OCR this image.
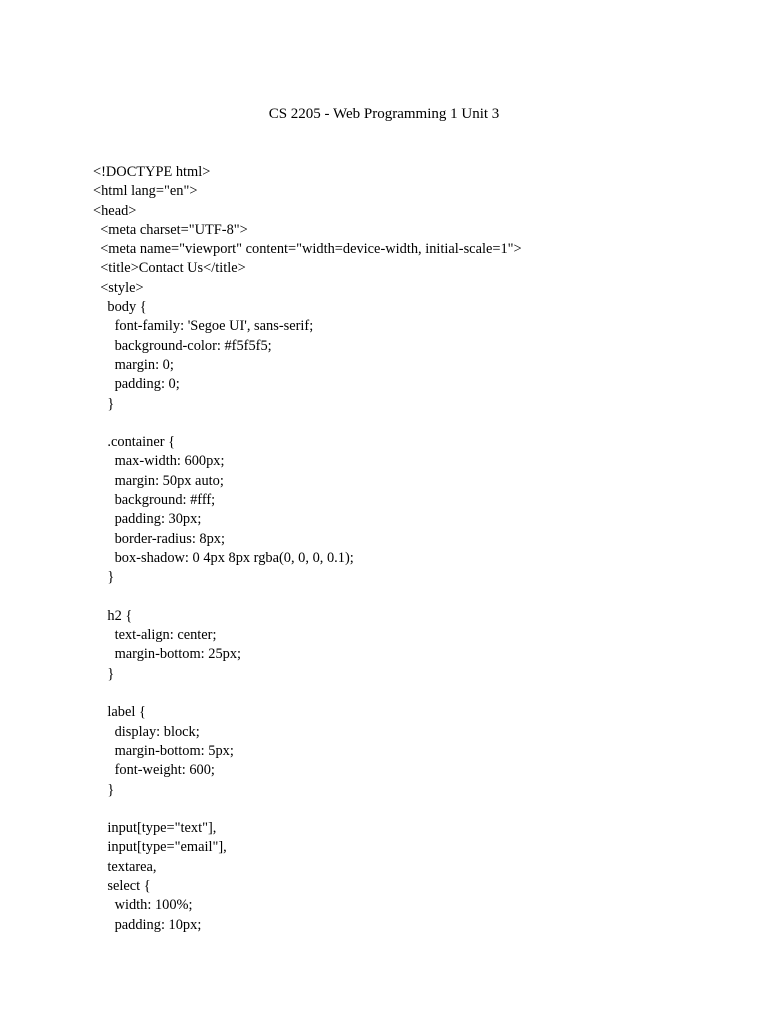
CS 2205 - Web Programming 1 Unit 3
<!DOCTYPE html>
<html lang="en">
<head>
<meta charset="UTF-8">
<meta name="viewport" content="width=device-width, initial-scale=1">
<title>Contact Us</title>
<style>
body {
font-family: 'Segoe UI', sans-serif;
background-color: #f5f5f5;
margin: 0;
padding: 0;
}
.container {
max-width: 600px;
margin: 50px auto;
background: #fff;
padding: 30px;
border-radius: 8px;
box-shadow: 0 4px 8px rgba(0, 0, 0, 0.1);
}
h2 {
text-align: center;
margin-bottom: 25px;
}
label {
display: block;
margin-bottom: 5px;
font-weight: 600;
}
input[type="text"],
input[type="email"],
textarea,
select {
width: 100%;
padding: 10px;
